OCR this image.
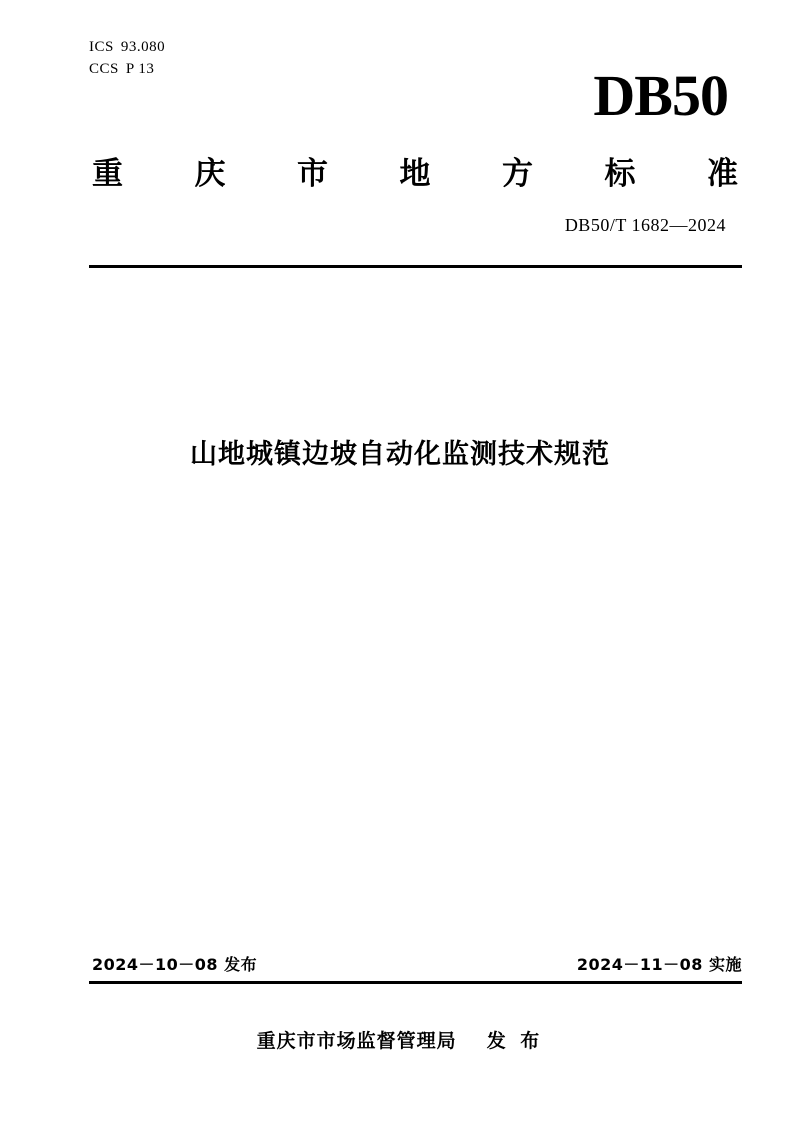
ICS 93.080
CCS P 13	DB50
重 庆 市 地 方 标 准
DB50/T 1682—2024
山地城镇边坡自动化监测技术规范
2024－10－08 发布	2024－11－08 实施
重庆市市场监督管理局 发 布
